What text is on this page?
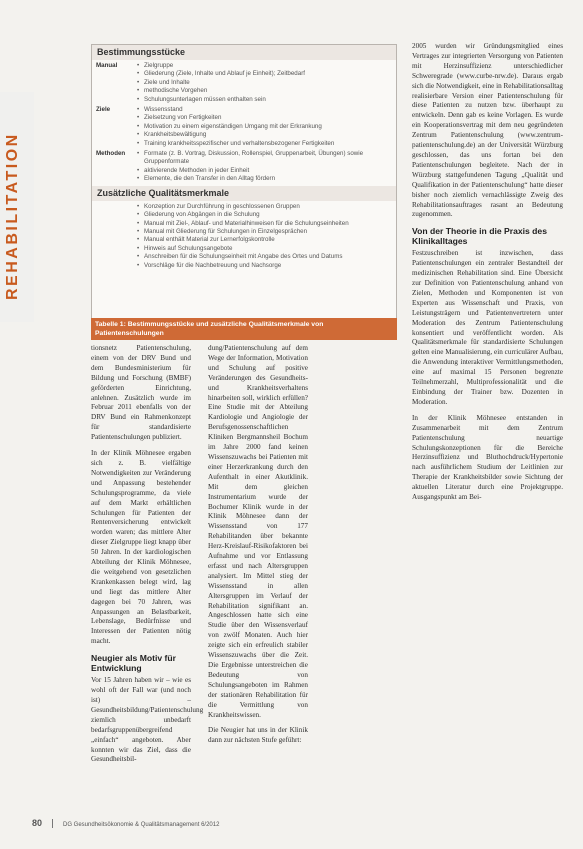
REHABILITATION
Bestimmungsstücke
Manual	• Zielgruppe
• Gliederung (Ziele, Inhalte und Ablauf je Einheit); Zeitbedarf
• Ziele und Inhalte
• methodische Vorgehen
• Schulungsunterlagen müssen enthalten sein
Ziele	• Wissensstand
• Zielsetzung von Fertigkeiten
• Motivation zu einem eigenständigen Umgang mit der Erkrankung
• Krankheitsbewältigung
• Training krankheitsspezifischer und verhaltensbezogener Fertigkeiten
Methoden	• Formate (z. B. Vortrag, Diskussion, Rollenspiel, Gruppenarbeit, Übungen) sowie Gruppenformate
• aktivierende Methoden in jeder Einheit
• Elemente, die den Transfer in den Alltag fördern
Zusätzliche Qualitätsmerkmale
• Konzeption zur Durchführung in geschlossenen Gruppen
• Gliederung von Abgängen in die Schulung
• Manual mit Ziel-, Ablauf- und Materialhinweisen für die Schulungseinheiten
• Manual mit Gliederung für Schulungen in Einzelgesprächen
• Manual enthält Material zur Lernerfolgskontrolle
• Hinweis auf Schulungsangebote
• Anschreiben für die Schulungseinheit mit Angabe des Ortes und Datums
• Vorschläge für die Nachbetreuung und Nachsorge
Tabelle 1: Bestimmungsstücke und zusätzliche Qualitätsmerkmale von Patientenschulungen

tionsnetz Patientenschulung, einem von der DRV Bund und dem Bundesministerium für Bildung und Forschung (BMBF) geförderten Einrichtung, anlehnen. Zusätzlich wurde im Februar 2011 ebenfalls von der DRV Bund ein Rahmenkonzept für standardisierte Patientenschulungen publiziert.

In der Klinik Möhnesee ergaben sich z. B. vielfältige Notwendigkeiten zur Veränderung und Anpassung bestehender Schulungsprogramme, da viele auf dem Markt erhältlichen Schulungen für Patienten der Rentenversicherung entwickelt worden waren; das mittlere Alter dieser Zielgruppe liegt knapp über 50 Jahren. In der kardiologischen Abteilung der Klinik Möhnesee, die weitgehend von gesetzlichen Krankenkassen belegt wird, lag und liegt das mittlere Alter dagegen bei 70 Jahren, was Anpassungen an Belastbarkeit, Lebenslage, Bedürfnisse und Interessen der Patienten nötig macht.

Neugier als Motiv für Entwicklung

Vor 15 Jahren haben wir – wie es wohl oft der Fall war (und noch ist) – Gesundheitsbildung/Patientenschulung ziemlich unbedarft bedarfsgruppenübergreifend „einfach“ angeboten. Aber konnten wir das Ziel, dass die Gesundheitsbil-

dung/Patientenschulung auf dem Wege der Information, Motivation und Schulung auf positive Veränderungen des Gesundheits- und Krankheitsverhaltens hinarbeiten soll, wirklich erfüllen? Eine Studie mit der Abteilung Kardiologie und Angiologie der Berufsgenossenschaftlichen Kliniken Bergmannsheil Bochum im Jahre 2000 fand keinen Wissenszuwachs bei Patienten mit einer Herzerkrankung durch den Aufenthalt in einer Akutklinik. Mit dem gleichen Instrumentarium wurde der Bochumer Klinik wurde in der Klinik Möhnesee dann der Wissensstand von 177 Rehabilitanden über bekannte Herz-Kreislauf-Risikofaktoren bei Aufnahme und vor Entlassung erfasst und nach Altersgruppen analysiert. Im Mittel stieg der Wissensstand in allen Altersgruppen im Verlauf der Rehabilitation signifikant an. Angeschlossen hatte sich eine Studie über den Wissensverlauf von zwölf Monaten. Auch hier zeigte sich ein erfreulich stabiler Wissenszuwachs über die Zeit. Die Ergebnisse unterstreichen die Bedeutung von Schulungsangeboten im Rahmen der stationären Rehabilitation für die Vermittlung von Krankheitswissen.

Die Neugier hat uns in der Klinik dann zur nächsten Stufe geführt:

2005 wurden wir Gründungsmitglied eines Vertrages zur integrierten Versorgung von Patienten mit Herzinsuffizienz unterschiedlicher Schweregrade (www.curbe-nrw.de). Daraus ergab sich die Notwendigkeit, eine in Rehabilitationsalltag realisierbare Version einer Patientenschulung für diese Patienten zu nutzen bzw. überhaupt zu entwickeln. Denn gab es keine Vorlagen. Es wurde ein Kooperationsvertrag mit dem neu gegründeten Zentrum Patientenschulung (www.zentrum-patientenschulung.de) an der Universität Würzburg geschlossen, das uns fortan bei den Patientenschulungen begleitete. Nach der in Würzburg stattgefundenen Tagung „Qualität und Qualifikation in der Patientenschulung“ hatte dieser bisher noch ziemlich vernachlässigte Zweig des Rehabilitationsauftrages rasant an Bedeutung zugenommen.

Von der Theorie in die Praxis des Klinikalltages

Festzuschreiben ist inzwischen, dass Patientenschulungen ein zentraler Bestandteil der medizinischen Rehabilitation sind. Eine Übersicht zur Definition von Patientenschulung anhand von Zielen, Methoden und Komponenten ist von Experten aus Wissenschaft und Praxis, von Leistungsträgern und Patientenvertretern unter Moderation des Zentrum Patientenschulung konsentiert und veröffentlicht worden. Als Qualitätsmerkmale für standardisierte Schulungen gelten eine Manualisierung, ein curriculärer Aufbau, die Anwendung interaktiver Vermittlungsmethoden, eine auf maximal 15 Personen begrenzte Teilnehmerzahl, Multiprofessionalität und die Einbindung der Trainer bzw. Dozenten in Moderation.

In der Klinik Möhnesee entstanden in Zusammenarbeit mit dem Zentrum Patientenschulung neuartige Schulungskonzeptionen für die Bereiche Herzinsuffizienz und Bluthochdruck/Hypertonie nach ausführlichem Studium der Leitlinien zur Therapie der Krankheitsbilder sowie Sichtung der aktuellen Literatur durch eine Projektgruppe. Ausgangspunkt am Bei-

80	DG Gesundheitsökonomie & Qualitätsmanagement 6/2012
